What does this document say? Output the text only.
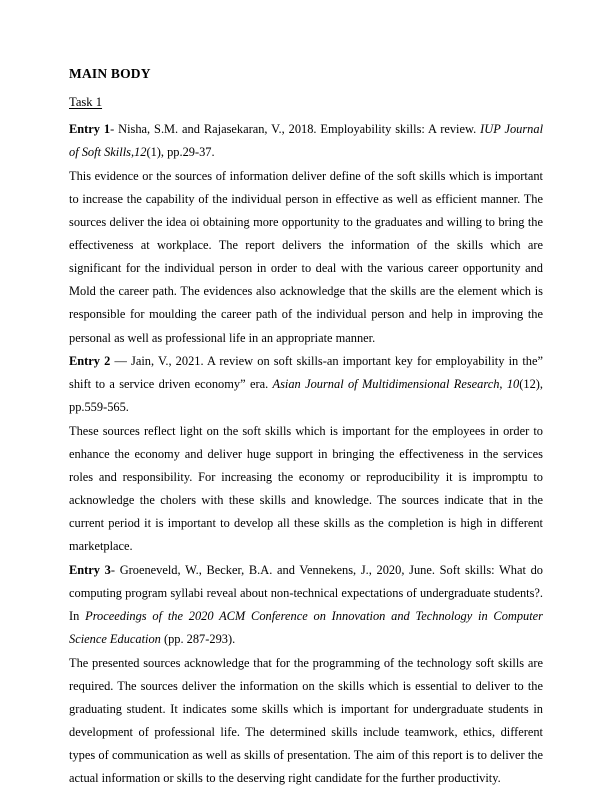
MAIN BODY
Task 1

Entry 1- Nisha, S.M. and Rajasekaran, V., 2018. Employability skills: A review. IUP Journal of Soft Skills,12(1), pp.29-37.

This evidence or the sources of information deliver define of the soft skills which is important to increase the capability of the individual person in effective as well as efficient manner. The sources deliver the idea oi obtaining more opportunity to the graduates and willing to bring the effectiveness at workplace. The report delivers the information of the skills which are significant for the individual person in order to deal with the various career opportunity and Mold the career path. The evidences also acknowledge that the skills are the element which is responsible for moulding the career path of the individual person and help in improving the personal as well as professional life in an appropriate manner.

Entry 2 — Jain, V., 2021. A review on soft skills-an important key for employability in the” shift to a service driven economy” era. Asian Journal of Multidimensional Research, 10(12), pp.559-565.

These sources reflect light on the soft skills which is important for the employees in order to enhance the economy and deliver huge support in bringing the effectiveness in the services roles and responsibility. For increasing the economy or reproducibility it is impromptu to acknowledge the cholers with these skills and knowledge. The sources indicate that in the current period it is important to develop all these skills as the completion is high in different marketplace.

Entry 3- Groeneveld, W., Becker, B.A. and Vennekens, J., 2020, June. Soft skills: What do computing program syllabi reveal about non-technical expectations of undergraduate students?. In Proceedings of the 2020 ACM Conference on Innovation and Technology in Computer Science Education (pp. 287-293).

The presented sources acknowledge that for the programming of the technology soft skills are required. The sources deliver the information on the skills which is essential to deliver to the graduating student. It indicates some skills which is important for undergraduate students in development of professional life. The determined skills include teamwork, ethics, different types of communication as well as skills of presentation. The aim of this report is to deliver the actual information or skills to the deserving right candidate for the further productivity.
